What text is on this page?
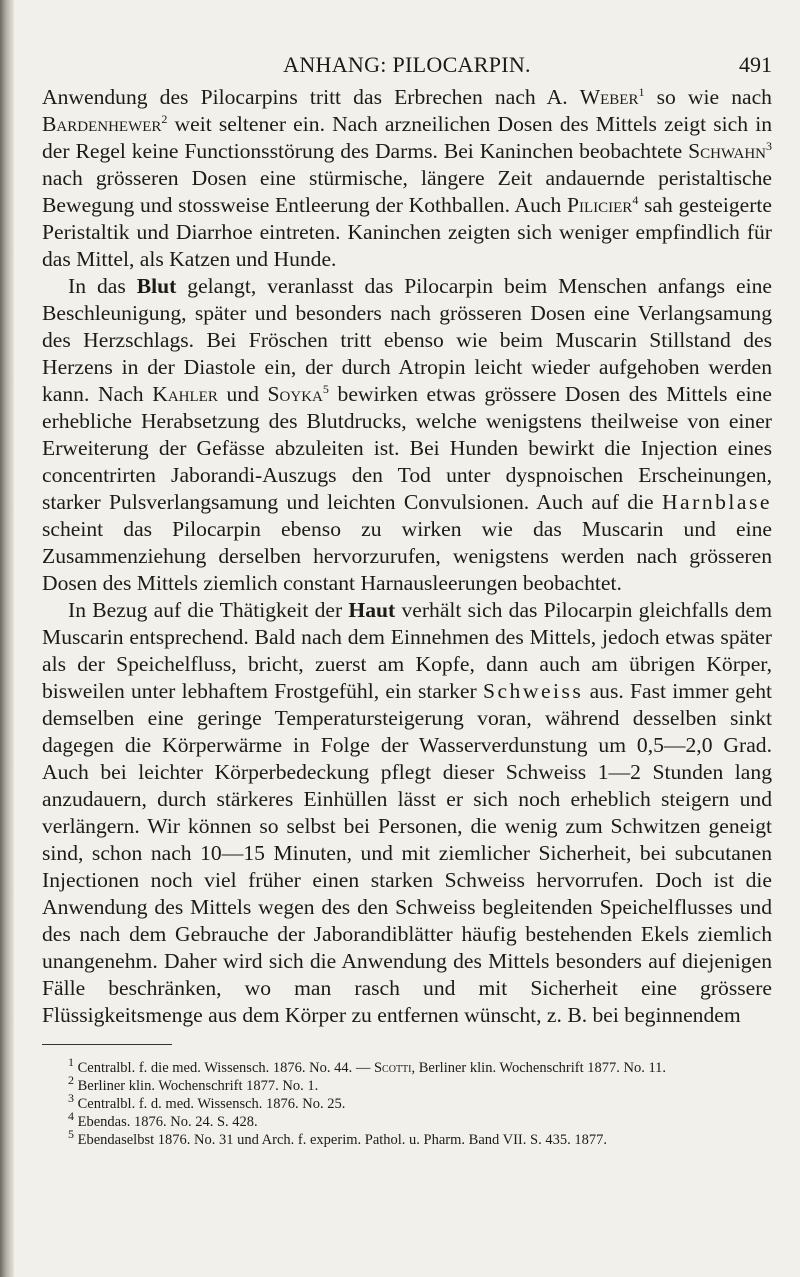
ANHANG: PILOCARPIN.	491

Anwendung des Pilocarpins tritt das Erbrechen nach A. Weber$^1$ so wie nach Bardenhewer$^2$ weit seltener ein. Nach arzneilichen Dosen des Mittels zeigt sich in der Regel keine Functionsstörung des Darms. Bei Kaninchen beobachtete Schwahn$^3$ nach grösseren Dosen eine stürmische, längere Zeit andauernde peristaltische Bewegung und stossweise Entleerung der Kothballen. Auch Pilicier$^4$ sah gesteigerte Peristaltik und Diarrhoe eintreten. Kaninchen zeigten sich weniger empfindlich für das Mittel, als Katzen und Hunde.

In das Blut gelangt, veranlasst das Pilocarpin beim Menschen anfangs eine Beschleunigung, später und besonders nach grösseren Dosen eine Verlangsamung des Herzschlags. Bei Fröschen tritt ebenso wie beim Muscarin Stillstand des Herzens in der Diastole ein, der durch Atropin leicht wieder aufgehoben werden kann. Nach Kahler und Soyka$^5$ bewirken etwas grössere Dosen des Mittels eine erhebliche Herabsetzung des Blutdrucks, welche wenigstens theilweise von einer Erweiterung der Gefässe abzuleiten ist. Bei Hunden bewirkt die Injection eines concentrirten Jaborandi-Auszugs den Tod unter dyspnoischen Erscheinungen, starker Pulsverlangsamung und leichten Convulsionen. Auch auf die Harnblase scheint das Pilocarpin ebenso zu wirken wie das Muscarin und eine Zusammenziehung derselben hervorzurufen, wenigstens werden nach grösseren Dosen des Mittels ziemlich constant Harnausleerungen beobachtet.

In Bezug auf die Thätigkeit der Haut verhält sich das Pilocarpin gleichfalls dem Muscarin entsprechend. Bald nach dem Einnehmen des Mittels, jedoch etwas später als der Speichelfluss, bricht, zuerst am Kopfe, dann auch am übrigen Körper, bisweilen unter lebhaftem Frostgefühl, ein starker Schweiss aus. Fast immer geht demselben eine geringe Temperatursteigerung voran, während desselben sinkt dagegen die Körperwärme in Folge der Wasserverdunstung um 0,5—2,0 Grad. Auch bei leichter Körperbedeckung pflegt dieser Schweiss 1—2 Stunden lang anzudauern, durch stärkeres Einhüllen lässt er sich noch erheblich steigern und verlängern. Wir können so selbst bei Personen, die wenig zum Schwitzen geneigt sind, schon nach 10—15 Minuten, und mit ziemlicher Sicherheit, bei subcutanen Injectionen noch viel früher einen starken Schweiss hervorrufen. Doch ist die Anwendung des Mittels wegen des den Schweiss begleitenden Speichelflusses und des nach dem Gebrauche der Jaborandiblätter häufig bestehenden Ekels ziemlich unangenehm. Daher wird sich die Anwendung des Mittels besonders auf diejenigen Fälle beschränken, wo man rasch und mit Sicherheit eine grössere Flüssigkeitsmenge aus dem Körper zu entfernen wünscht, z. B. bei beginnendem

$^1$ Centralbl. f. die med. Wissensch. 1876. No. 44. — Scotti, Berliner klin. Wochenschrift 1877. No. 11.

$^2$ Berliner klin. Wochenschrift 1877. No. 1.

$^3$ Centralbl. f. d. med. Wissensch. 1876. No. 25.

$^4$ Ebendas. 1876. No. 24. S. 428.

$^5$ Ebendaselbst 1876. No. 31 und Arch. f. experim. Pathol. u. Pharm. Band VII. S. 435. 1877.
